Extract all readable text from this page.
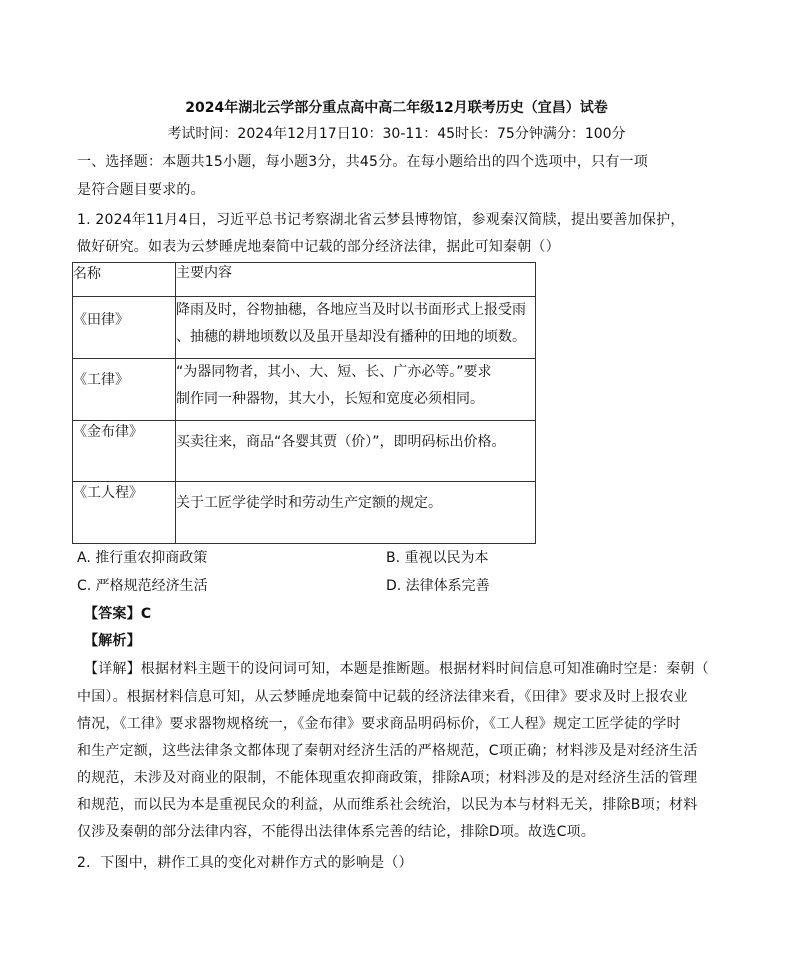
2024年湖北云学部分重点高中高二年级12月联考历史（宜昌）试卷
考试时间：2024年12月17日10：30-11：45时长：75分钟满分：100分
一、选择题：本题共15小题，每小题3分，共45分。在每小题给出的四个选项中，只有一项
是符合题目要求的。
1. 2024年11月4日，习近平总书记考察湖北省云梦县博物馆，参观秦汉简牍，提出要善加保护，
做好研究。如表为云梦睡虎地秦简中记载的部分经济法律，据此可知秦朝（）
名称	主要内容
《田律》	降雨及时，谷物抽穗，各地应当及时以书面形式上报受雨
、抽穗的耕地顷数以及虽开垦却没有播种的田地的顷数。

《工律》	“为器同物者，其小、大、短、长、广亦必等。”要求
制作同一种器物，其大小，长短和宽度必须相同。

《金布律》	买卖往来，商品“各婴其贾（价）”，即明码标出价格。

《工人程》	关于工匠学徒学时和劳动生产定额的规定。
A. 推行重农抑商政策	B. 重视以民为本
C. 严格规范经济生活	D. 法律体系完善
【答案】C
【解析】
【详解】根据材料主题干的设问词可知，本题是推断题。根据材料时间信息可知准确时空是：秦朝（
中国）。根据材料信息可知，从云梦睡虎地秦简中记载的经济法律来看，《田律》要求及时上报农业
情况，《工律》要求器物规格统一，《金布律》要求商品明码标价，《工人程》规定工匠学徒的学时
和生产定额，这些法律条文都体现了秦朝对经济生活的严格规范，C项正确；材料涉及是对经济生活
的规范，未涉及对商业的限制，不能体现重农抑商政策，排除A项；材料涉及的是对经济生活的管理
和规范，而以民为本是重视民众的利益，从而维系社会统治，以民为本与材料无关，排除B项；材料
仅涉及秦朝的部分法律内容，不能得出法律体系完善的结论，排除D项。故选C项。
2．下图中，耕作工具的变化对耕作方式的影响是（）
